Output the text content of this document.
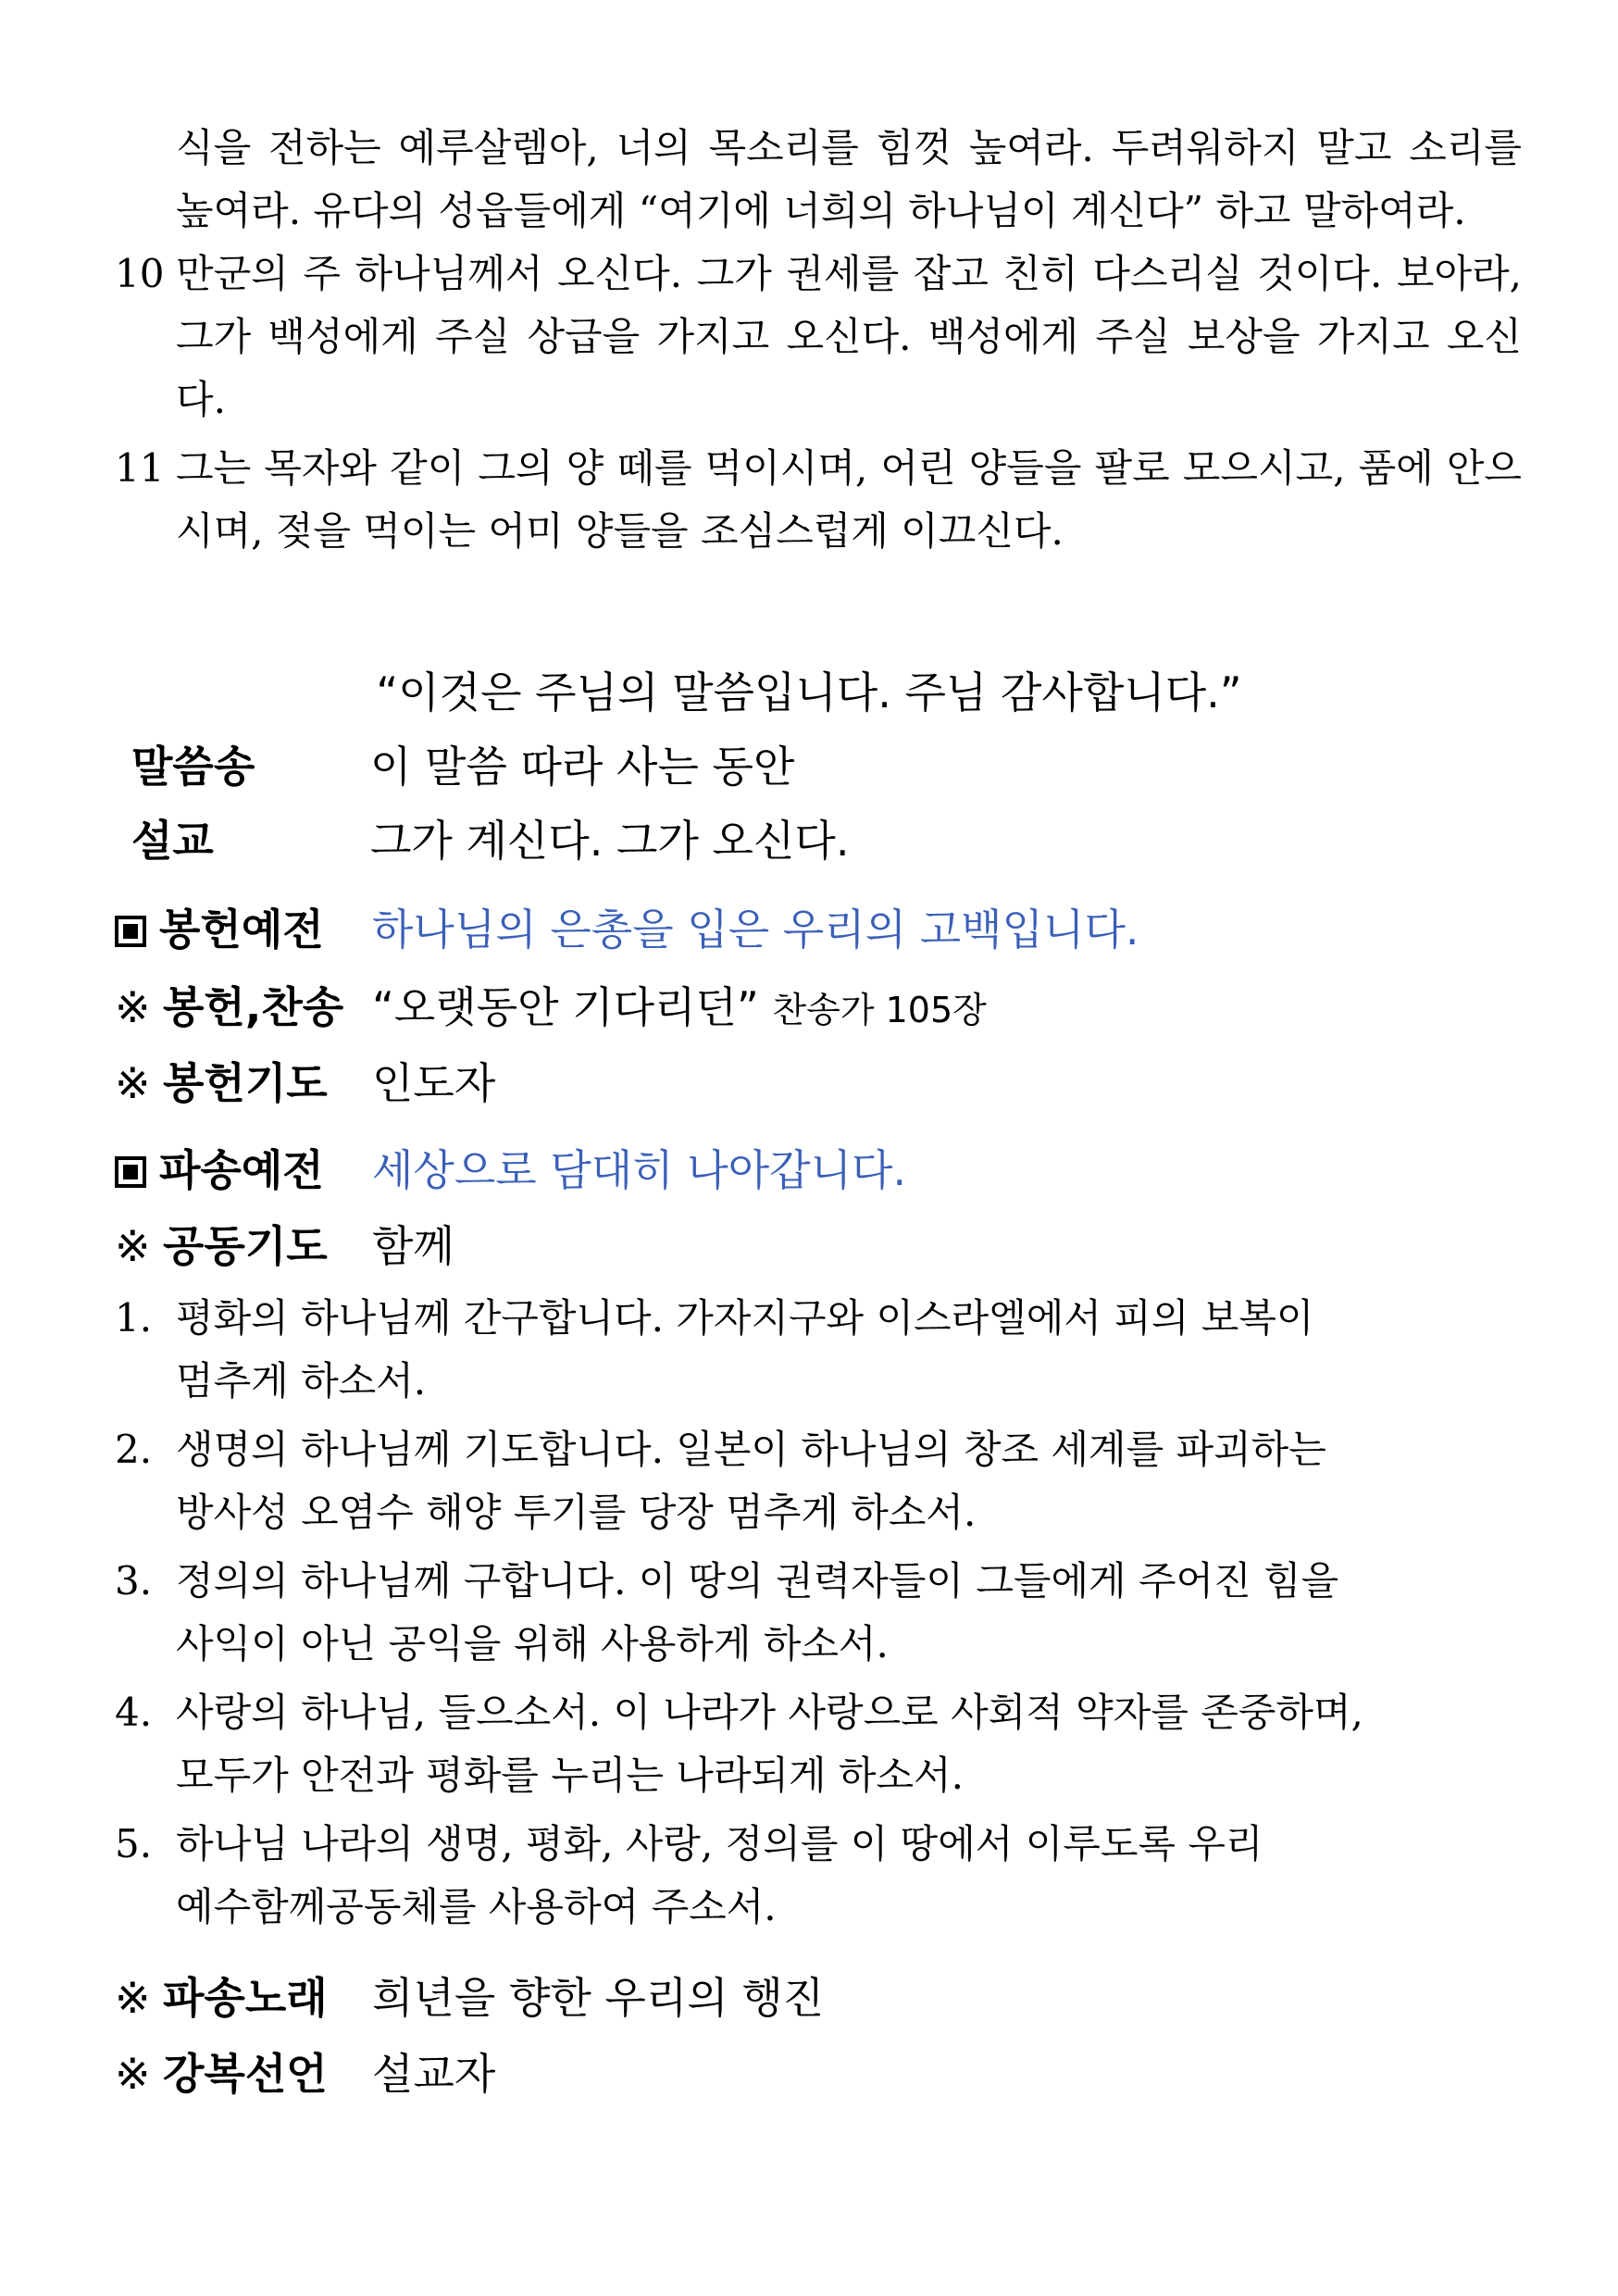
식을 전하는 예루살렘아, 너의 목소리를 힘껏 높여라. 두려워하지 말고 소리를 높여라. 유다의 성읍들에게 “여기에 너희의 하나님이 계신다” 하고 말하여라.
10 만군의 주 하나님께서 오신다. 그가 권세를 잡고 친히 다스리실 것이다. 보아라, 그가 백성에게 주실 상급을 가지고 오신다. 백성에게 주실 보상을 가지고 오신다.
11 그는 목자와 같이 그의 양 떼를 먹이시며, 어린 양들을 팔로 모으시고, 품에 안으시며, 젖을 먹이는 어미 양들을 조심스럽게 이끄신다.
“이것은 주님의 말씀입니다. 주님 감사합니다.”
말씀송	이 말씀 따라 사는 동안
설교	그가 계신다. 그가 오신다.
봉헌예전 하나님의 은총을 입은 우리의 고백입니다.
※ 봉헌,찬송 “오랫동안 기다리던” 찬송가 105장
※ 봉헌기도 인도자
파송예전 세상으로 담대히 나아갑니다.
※ 공동기도 함께
1. 평화의 하나님께 간구합니다. 가자지구와 이스라엘에서 피의 보복이
멈추게 하소서.
2. 생명의 하나님께 기도합니다. 일본이 하나님의 창조 세계를 파괴하는
방사성 오염수 해양 투기를 당장 멈추게 하소서.
3. 정의의 하나님께 구합니다. 이 땅의 권력자들이 그들에게 주어진 힘을
사익이 아닌 공익을 위해 사용하게 하소서.
4. 사랑의 하나님, 들으소서. 이 나라가 사랑으로 사회적 약자를 존중하며,
모두가 안전과 평화를 누리는 나라되게 하소서.
5. 하나님 나라의 생명, 평화, 사랑, 정의를 이 땅에서 이루도록 우리
예수함께공동체를 사용하여 주소서.
※ 파송노래 희년을 향한 우리의 행진
※ 강복선언 설교자
